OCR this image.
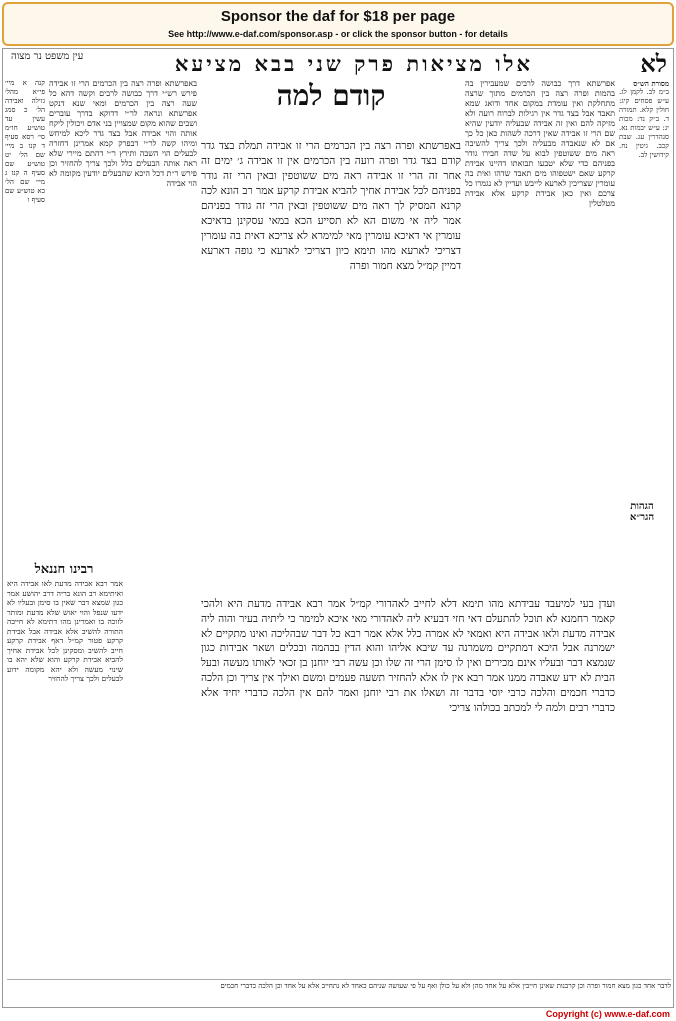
Sponsor the daf for $18 per page
See http://www.e-daf.com/sponsor.asp - or click the sponsor button - for details
לא
אלו מציאות פרק שני בבא מציעא
עין משפט נר מצוה
קודם למה	מסורת הש״ס
ב״מ לב. לקמן לג. ע״ש פסחים קיג: חולין קלא. תמורה ד. ב״ק נד: מכות יג: ע״ש יבמות נא. סנהדרין עג. שבת קכב. גיטין נח. קידושין לב.
הגהות הגר״א
אפרשתא דרך כבושה לרבים שמעבירין בה בהמות ופרה רצה בין הכרמים מתוך שרצה מתחלקת ואין עומדת במקום אחד ודואג שמא תאבד אבל בצד גדר אין רגילות לברוח רועה ולא מזיקה להם ואין זה אבידה שבעליה יודעין שהיא שם הרי זו אבידה שאין דרכה לשהות כאן כל כך אם לא שנאבדה מבעליה ולכך צריך להשיבה ראה מים ששוטפין לבוא על שדה חבירו גודר בפניהם כדי שלא יטבעו תבואתו דהיינו אבידת קרקע שאם ישטפוהו מים תאבד שדהו ואית בה עומרין שצריכין לארעא לייבש ועדיין לא נגמרו כל צרכם ואין כאן אבידת קרקע אלא אבידת מטלטלין
באפרשתא ופרה רצה בין הכרמים הרי זו אבידה תמלת בצד גדר קודם בצד גדר ופרה רועה בין הכרמים אין זו אבידה ג׳ ימים זה אחר זה הרי זו אבידה ראה מים ששוטפין ובאין הרי זה גודר בפניהם לכל אבידת אחיך להביא אבידת קרקע אמר רב הונא לכה קרנא המסיק לך ראה מים ששוטפין ובאין הרי זה גודר בפניהם אמר ליה אי משום הא לא תסייע הכא במאי עסקינן בדאיכא עומרין אי דאיכא עומרין מאי למימרא לא צריכא דאית בה עומרין דצריכי לארעא מהו תימא כיון דצריכי לארעא כי גופה דארעא דמיין קמ״ל מצא חמור ופרה
באפרשתא ופרה רצה בין הכרמים הרי זו אבידה פירש רש״י דרך כבושה לרבים וקשה דהא כל שעה רצה בין הכרמים ומאי שנא דנקט אפרשתא ונראה לר״י דדוקא בדרך עוברים ושבים שהוא מקום שמצויין בני אדם ויכולין ליקח אותה והוי אבידה אבל בצד גדר ליכא למיחש ומיהו קשה לר״י דבפרק קמא אמרינן דחזרה לבעלים הוי השבה ותירץ ר״י דהתם מיירי שלא ראה אותה הבעלים כלל ולכך צריך להחזיר וכן פירש ר״ת דכל היכא שהבעלים יודעין מקומה לא הוי אבידה
קנה א מיי׳ פי״א מהל׳ גזילה ואבידה הל׳ כ סמג עשין עד טוש״ע חו״מ סי׳ רסא סעיף ד קנו ב מיי׳ שם הל׳ יט טוש״ע שם סעיף ה קנז ג מיי׳ שם הל׳ כא טוש״ע שם סעיף ו
ועדן בעי למיעבד עבידתא מהו תימא דלא לחייב לאהדורי קמ״ל אמר רבא אבידה מדעת היא ולהכי קאמר רחמנא לא תוכל להתעלם דאי חזי דבעיא ליה לאהדורי מאי איכא למימר כי ליתיה בעיר והוה ליה אבידה מדעת ולאו אבידה היא ואמאי לא אמרה כלל אלא אמר רבא כל דבר שבהליכה ואינו מתקיים לא ישמרנה אבל היכא דמתקיים משמרנה עד שיבא אליהו והוא הדין בבהמה ובכלים ושאר אבידות כגון שנמצא דבר ובעליו אינם מכירים ואין לו סימן הרי זה שלו וכן עשה רבי יוחנן בן זכאי לאותו מעשה ובעל הבית לא ידע שאבדה ממנו אמר רבא אין לו אלא להחזיר תשעה פעמים ומשם ואילך אין צריך וכן הלכה כדברי חכמים והלכה כרבי יוסי בדבר זה ושאלו את רבי יוחנן ואמר להם אין הלכה כדברי יחיד אלא כדברי רבים ולמה לי למכתב בכולהו צריכי
רבינו חננאל
אמר רבא אבידה מדעת לאו אבידה היא ואיתימא רב הונא בריה דרב יהושע אמר כגון שמצא דבר שאין בו סימן ובעליו לא ידעו שנפל והוי יאוש שלא מדעת ומותר לזוכה בו ואמרינן מהו דתימא לא חייבה התורה להשיב אלא אבידה אבל אבידת קרקע פטור קמ״ל דאף אבידת קרקע חייב להשיב ומסקינן לכל אבידת אחיך להביא אבידת קרקע והוא שלא יהא בו שינוי מעשה ולא יהא מקומה ידוע לבעלים ולכך צריך להחזיר
לדבר אחד כגון מצא חמור ופרה וכן קרבנות שאינן חייבין אלא על אחד מהן ולא על כולן ואף על פי שעושה שניהם כאחד לא נתחייב אלא על אחד וכן הלכה כדברי חכמים
Copyright (c) www.e-daf.com
